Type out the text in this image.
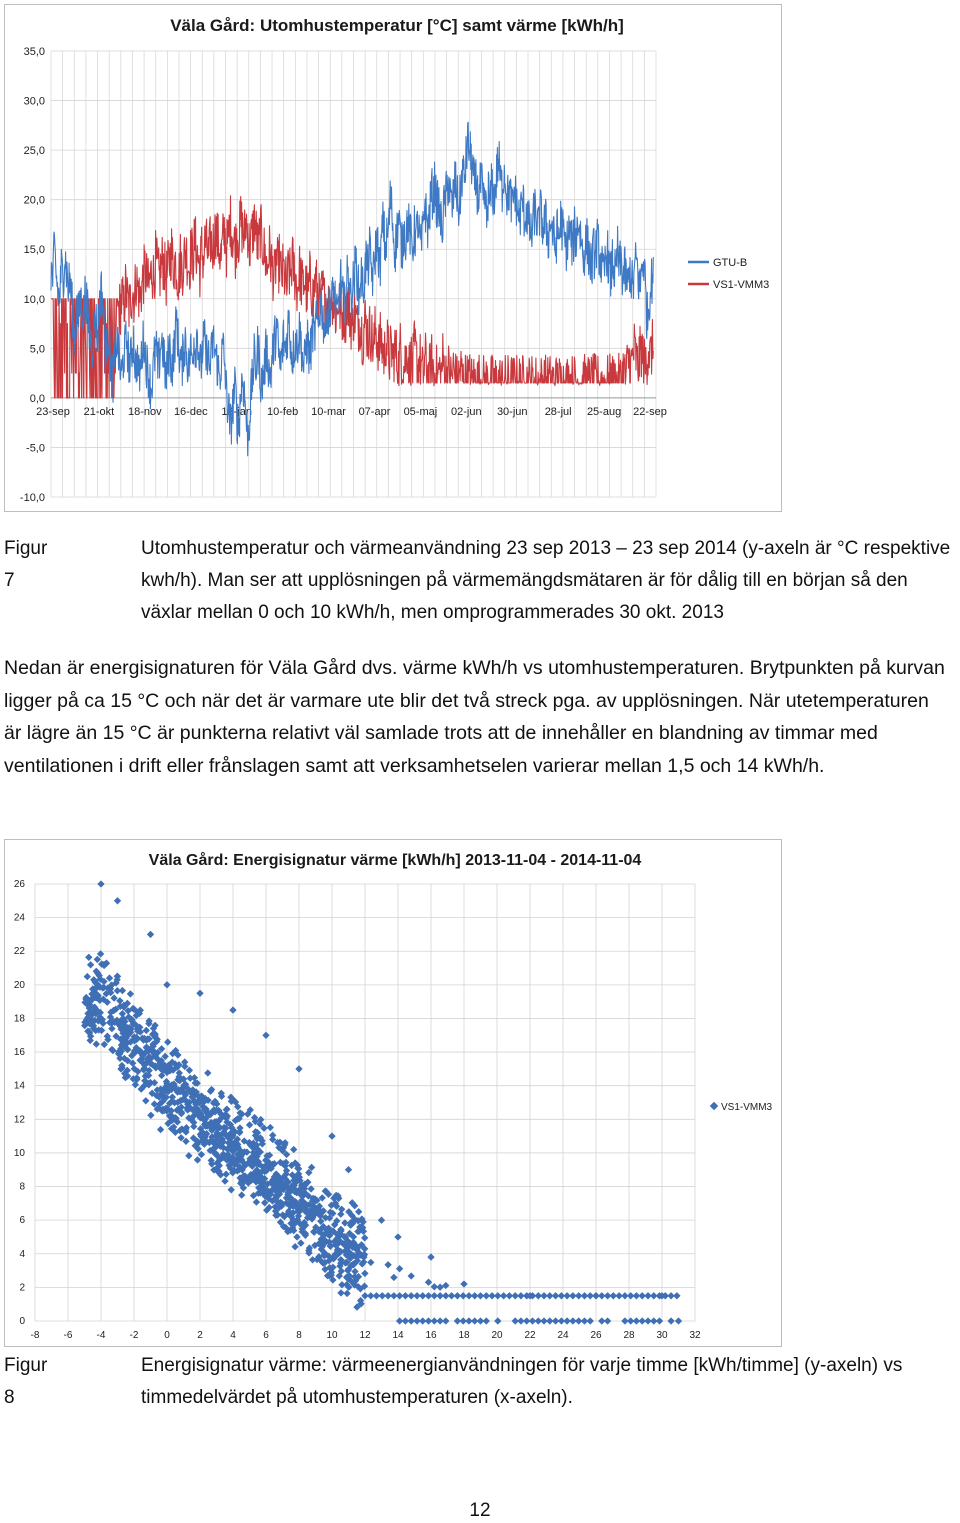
Väla Gård: Utomhustemperatur [°C] samt värme [kWh/h]
-10,0
-5,0
0,0
5,0
10,0
15,0
20,0
25,0
30,0
35,0
23-sep 21-okt 18-nov 16-dec 13-jan 10-feb 10-mar 07-apr 05-maj 02-jun 30-jun 28-jul 25-aug 22-sep
GTU-B
VS1-VMM3
Figur 7
Utomhustemperatur och värmeanvändning 23 sep 2013 – 23 sep 2014 (y-axeln är °C respektive kwh/h). Man ser att upplösningen på värmemängdsmätaren är för dålig till en början så den växlar mellan 0 och 10 kWh/h, men omprogrammerades 30 okt. 2013
Nedan är energisignaturen för Väla Gård dvs. värme kWh/h vs utomhustemperaturen. Brytpunkten på kurvan ligger på ca 15 °C och när det är varmare ute blir det två streck pga. av upplösningen. När utetemperaturen är lägre än 15 °C är punkterna relativt väl samlade trots att de innehåller en blandning av timmar med ventilationen i drift eller frånslagen samt att verksamhetselen varierar mellan 1,5 och 14 kWh/h.
Väla Gård: Energisignatur värme [kWh/h] 2013-11-04 - 2014-11-04
0
2
4
6
8
10
12
14
16
18
20
22
24
26
-8 -6 -4 -2	0	2	4	6	8 10 12 14 16 18 20 22 24 26 28 30 32
VS1-VMM3
Figur 8
Energisignatur värme: värmeenergianvändningen för varje timme [kWh/timme] (y-axeln) vs timmedelvärdet på utomhustemperaturen (x-axeln).
12
